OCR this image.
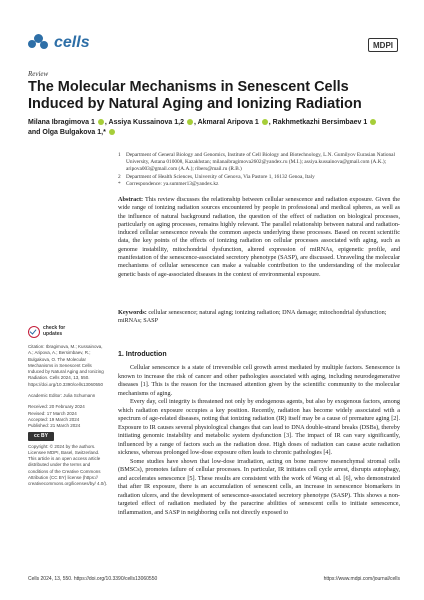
cells	MDPI
Review
The Molecular Mechanisms in Senescent Cells Induced by Natural Aging and Ionizing Radiation
Milana Ibragimova 1 , Assiya Kussainova 1,2 , Akmaral Aripova 1 , Rakhmetkazhi Bersimbaev 1
and Olga Bulgakova 1,*
1	Department of General Biology and Genomics, Institute of Cell Biology and Biotechnology, L.N. Gumilyov Eurasian National University, Astana 010008, Kazakhstan; milanaibragimova2602@yandex.ru (M.I.); assiya.kussainova@gmail.com (A.K.); aripova003@gmail.com (A.A.); ribers@mail.ru (R.B.)
2	Department of Health Sciences, University of Genova, Via Pastore 1, 16132 Genoa, Italy
*	Correspondence: ya.summer13@yandex.kz
Abstract: This review discusses the relationship between cellular senescence and radiation exposure. Given the wide range of ionizing radiation sources encountered by people in professional and medical spheres, as well as the influence of natural background radiation, the question of the effect of radiation on biological processes, particularly on aging processes, remains highly relevant. The parallel relationship between natural and radiation-induced cellular senescence reveals the common aspects underlying these processes. Based on recent scientific data, the key points of the effects of ionizing radiation on cellular processes associated with aging, such as genome instability, mitochondrial dysfunction, altered expression of miRNAs, epigenetic profile, and manifestation of the senescence-associated secretory phenotype (SASP), are discussed. Unraveling the molecular mechanisms of cellular senescence can make a valuable contribution to the understanding of the molecular genetic basis of age-associated diseases in the context of environmental exposure.
Keywords: cellular senescence; natural aging; ionizing radiation; DNA damage; mitochondrial dysfunction; miRNAs; SASP
check for
updates

Citation: Ibragimova, M.; Kussainova, A.; Aripova, A.; Bersimbaev, R.; Bulgakova, O. The Molecular Mechanisms in Senescent Cells Induced by Natural Aging and Ionizing Radiation. Cells 2024, 13, 550. https://doi.org/10.3390/cells13060550

Academic Editor: Julia Schumann

Received: 20 February 2024

Revised: 17 March 2024

Accepted: 19 March 2024

Published: 21 March 2024

cc BY

Copyright: © 2024 by the authors. Licensee MDPI, Basel, Switzerland. This article is an open access article distributed under the terms and conditions of the Creative Commons Attribution (CC BY) license (https:// creativecommons.org/licenses/by/ 4.0/).

1. Introduction

Cellular senescence is a state of irreversible cell growth arrest mediated by multiple factors. Senescence is known to increase the risk of cancer and other pathologies associated with aging, including neurodegenerative diseases [1]. This is the reason for the increased attention given by the scientific community to the molecular mechanisms of aging.

Every day, cell integrity is threatened not only by endogenous agents, but also by exogenous factors, among which radiation exposure occupies a key position. Recently, radiation has become widely associated with a spectrum of age-related diseases, noting that ionizing radiation (IR) itself may be a cause of premature aging [2]. Exposure to IR causes several physiological changes that can lead to DNA double-strand breaks (DSBs), thereby initiating genomic instability and metabolic system dysfunction [3]. The impact of IR can vary significantly, influenced by a range of factors such as the radiation dose. High doses of radiation can cause acute radiation sickness, whereas prolonged low-dose exposure often leads to chronic pathologies [4].

Some studies have shown that low-dose irradiation, acting on bone marrow mesenchymal stromal cells (BMSCs), promotes failure of cellular processes. In particular, IR initiates cell cycle arrest, disrupts autophagy, and accelerates senescence [5]. These results are consistent with the work of Wang et al. [6], who demonstrated that after IR exposure, there is an accumulation of senescent cells, an increase in senescence biomarkers in radiation ulcers, and the development of senescence-associated secretory phenotype (SASP). This shows a non-targeted effect of radiation mediated by the paracrine abilities of senescent cells to initiate senescence, inflammation, and SASP in neighboring cells not directly exposed to

Cells 2024, 13, 550. https://doi.org/10.3390/cells13060550	https://www.mdpi.com/journal/cells
